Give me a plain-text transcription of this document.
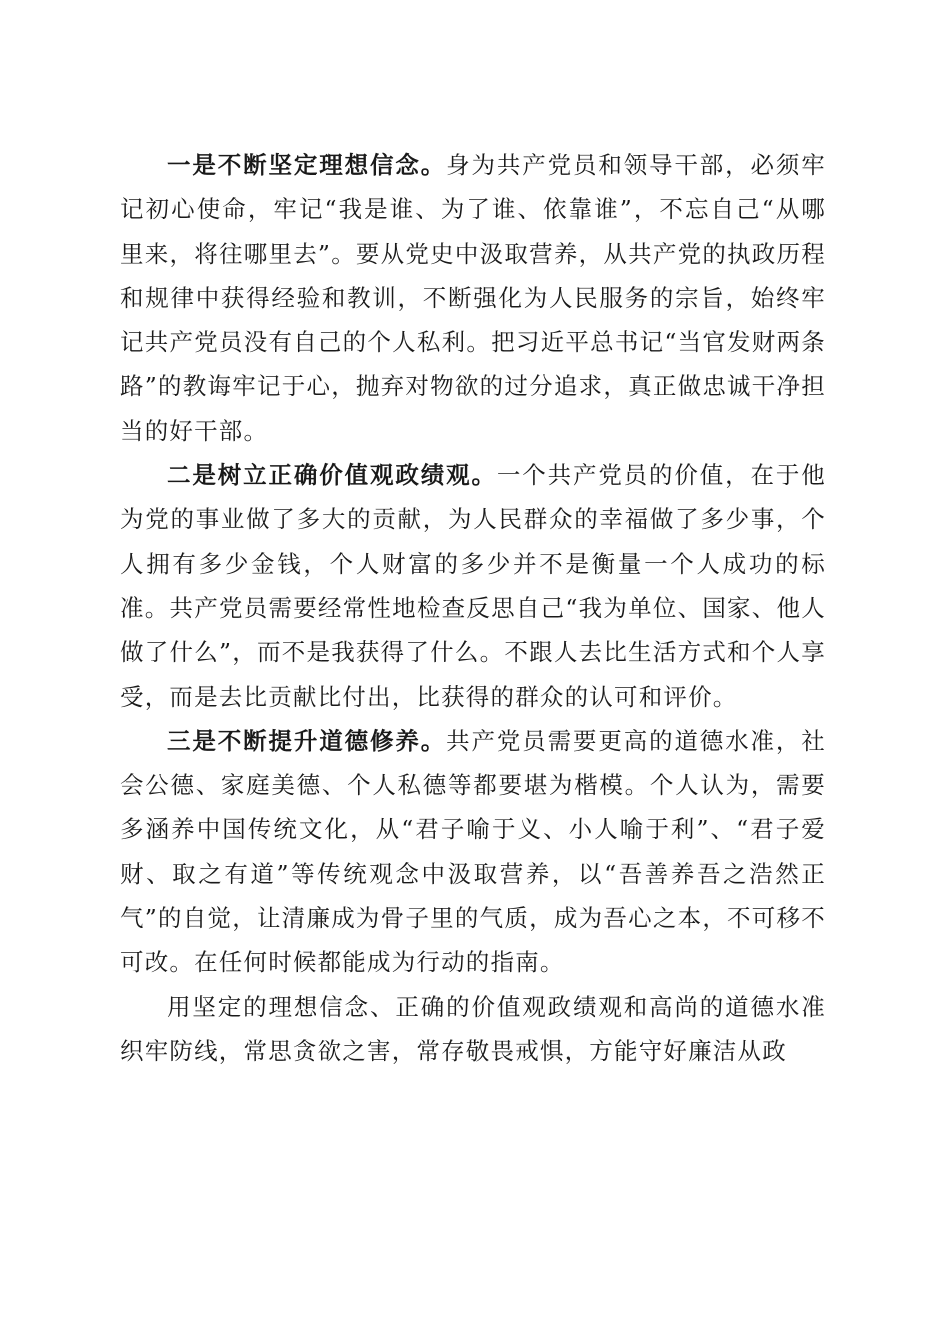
一是不断坚定理想信念。身为共产党员和领导干部，必须牢记初心使命，牢记“我是谁、为了谁、依靠谁”，不忘自己“从哪里来，将往哪里去”。要从党史中汲取营养，从共产党的执政历程和规律中获得经验和教训，不断强化为人民服务的宗旨，始终牢记共产党员没有自己的个人私利。把习近平总书记“当官发财两条路”的教诲牢记于心，抛弃对物欲的过分追求，真正做忠诚干净担当的好干部。

二是树立正确价值观政绩观。一个共产党员的价值，在于他为党的事业做了多大的贡献，为人民群众的幸福做了多少事，个人拥有多少金钱，个人财富的多少并不是衡量一个人成功的标准。共产党员需要经常性地检查反思自己“我为单位、国家、他人做了什么”，而不是我获得了什么。不跟人去比生活方式和个人享受，而是去比贡献比付出，比获得的群众的认可和评价。

三是不断提升道德修养。共产党员需要更高的道德水准，社会公德、家庭美德、个人私德等都要堪为楷模。个人认为，需要多涵养中国传统文化，从“君子喻于义、小人喻于利”、“君子爱财、取之有道”等传统观念中汲取营养，以“吾善养吾之浩然正气”的自觉，让清廉成为骨子里的气质，成为吾心之本，不可移不可改。在任何时候都能成为行动的指南。

用坚定的理想信念、正确的价值观政绩观和高尚的道德水准织牢防线，常思贪欲之害，常存敬畏戒惧，方能守好廉洁从政
